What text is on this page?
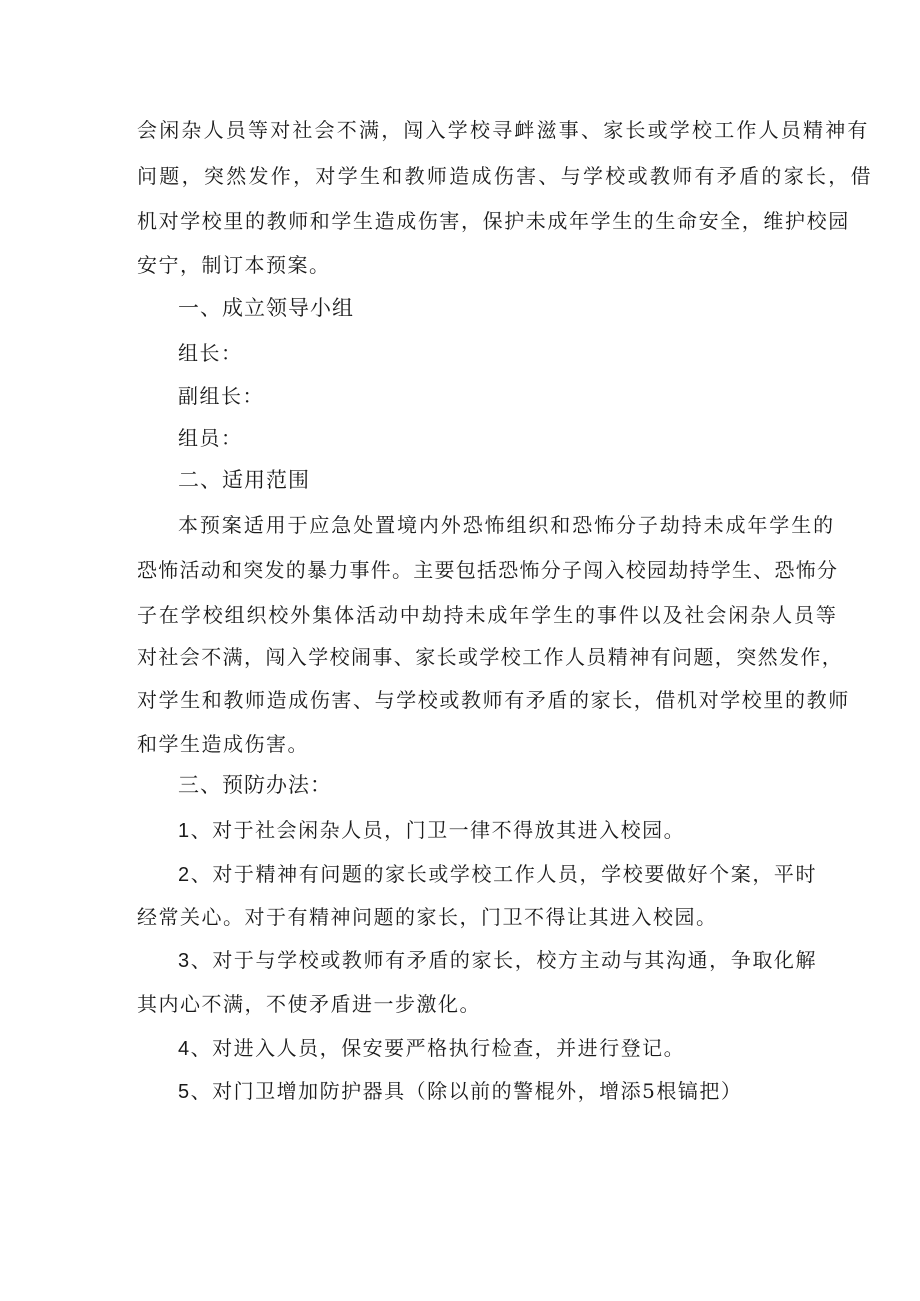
会闲杂人员等对社会不满，闯入学校寻衅滋事、家长或学校工作人员精神有
问题，突然发作，对学生和教师造成伤害、与学校或教师有矛盾的家长，借
机对学校里的教师和学生造成伤害，保护未成年学生的生命安全，维护校园
安宁，制订本预案。
一、成立领导小组
组长：
副组长：
组员：
二、适用范围
本预案适用于应急处置境内外恐怖组织和恐怖分子劫持未成年学生的
恐怖活动和突发的暴力事件。主要包括恐怖分子闯入校园劫持学生、恐怖分
子在学校组织校外集体活动中劫持未成年学生的事件以及社会闲杂人员等
对社会不满，闯入学校闹事、家长或学校工作人员精神有问题，突然发作，
对学生和教师造成伤害、与学校或教师有矛盾的家长，借机对学校里的教师
和学生造成伤害。
三、预防办法：
1、对于社会闲杂人员，门卫一律不得放其进入校园。
2、对于精神有问题的家长或学校工作人员，学校要做好个案，平时
经常关心。对于有精神问题的家长，门卫不得让其进入校园。
3、对于与学校或教师有矛盾的家长，校方主动与其沟通，争取化解
其内心不满，不使矛盾进一步激化。
4、对进入人员，保安要严格执行检查，并进行登记。
5、对门卫增加防护器具（除以前的警棍外，增添5根镐把）
